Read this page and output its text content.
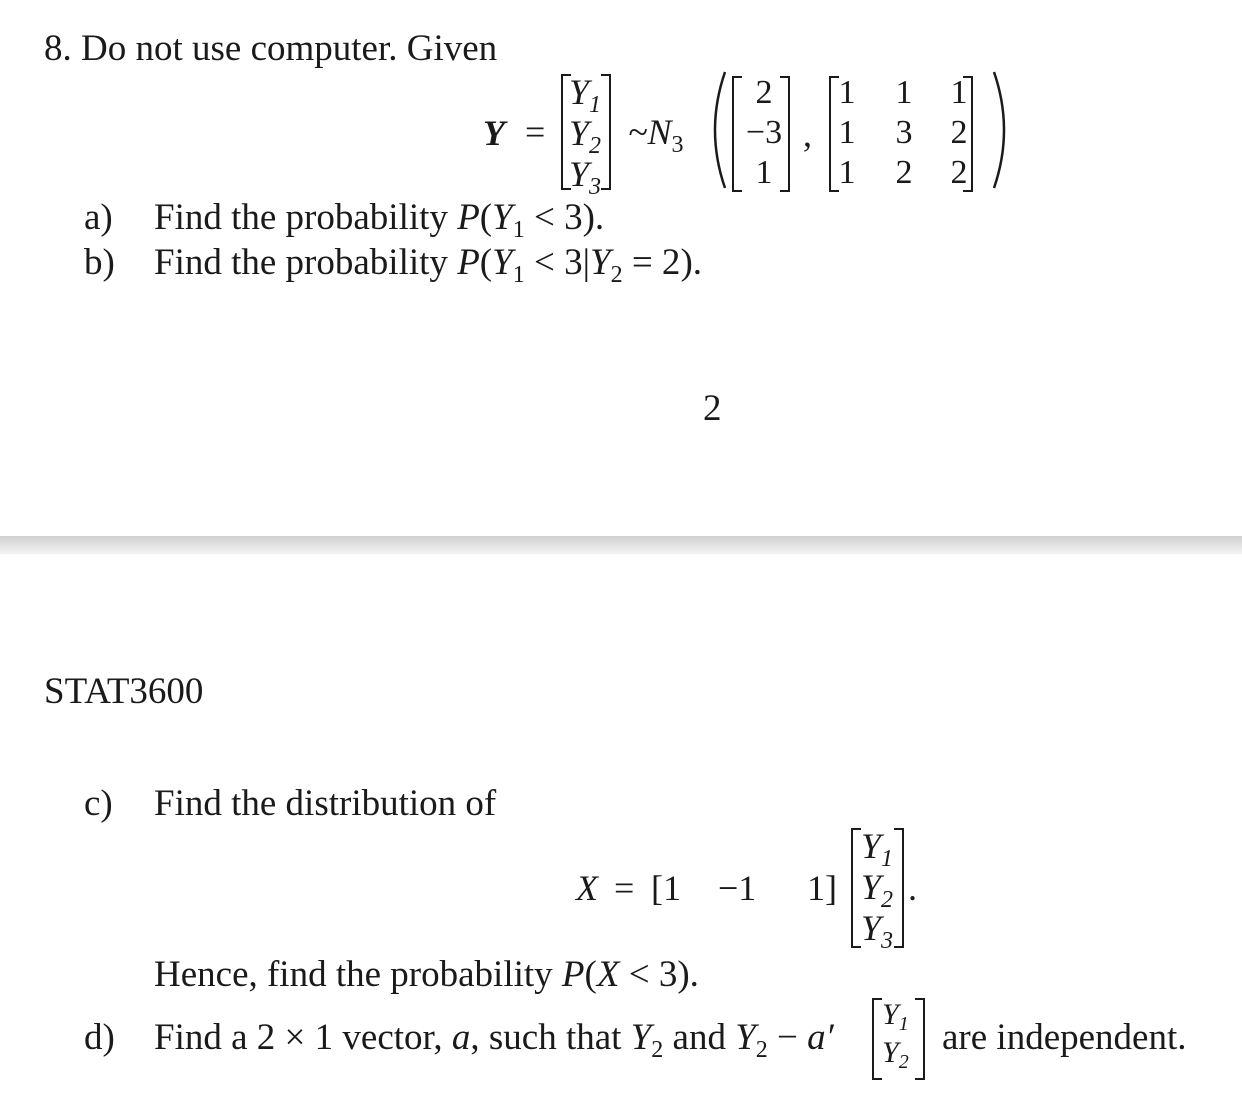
8. Do not use computer. Given
Y =
$Y_1$
$Y_2$
$Y_3$
$\sim N_3$
2
−3
1
,
1 1 1
1 3 2
1 2 2
a) Find the probability $P(Y_1 < 3)$.
b) Find the probability $P(Y_1 < 3|Y_2 = 2)$.
2
STAT3600
c) Find the distribution of
X = [1 −1 1]
$Y_1$
$Y_2$
$Y_3$
.
Hence, find the probability P(X < 3).
d) Find a 2 × 1 vector, a, such that $Y_2$ and $Y_2 - a'$
$Y_1$
$Y_2$
are independent.
